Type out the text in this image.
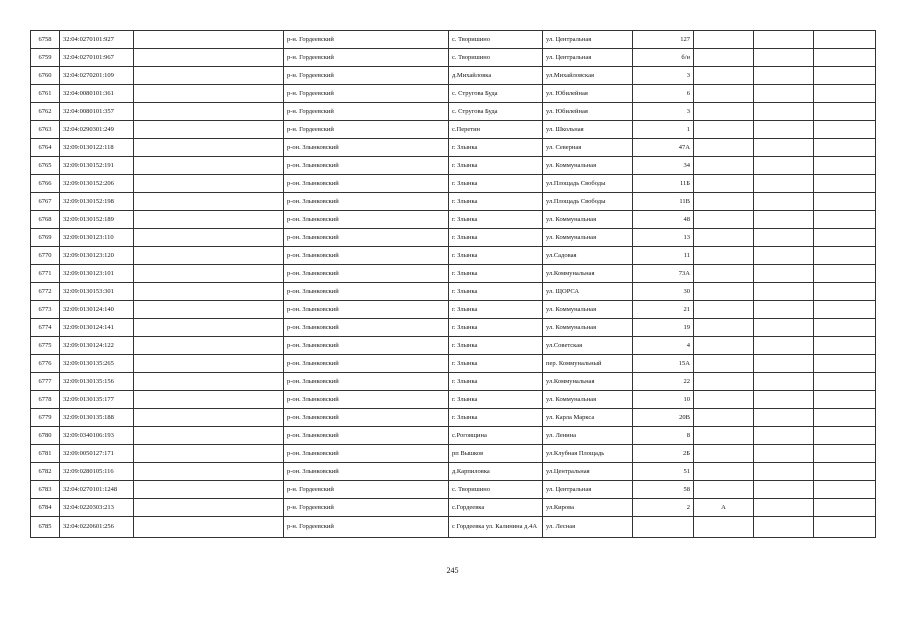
6758	32:04:0270101:927		р-н. Гордеевский	с. Творишино	ул. Центральная	127			
6759	32:04:0270101:967		р-н. Гордеевский	с. Творишино	ул. Центральная	б/н			
6760	32:04:0270201:109		р-н. Гордеевский	д.Михайловка	ул.Михайловская	3			
6761	32:04:0080101:361		р-н. Гордеевский	с. Стругова Буда	ул. Юбилейная	6			
6762	32:04:0080101:357		р-н. Гордеевский	с. Стругова Буда	ул. Юбилейная	3			
6763	32:04:0290301:249		р-н. Гордеевский	с.Перетин	ул. Школьная	1			
6764	32:09:0130122:118		р-он. Злынковский	г. Злынка	ул. Северная	47А			
6765	32:09:0130152:191		р-он. Злынковский	г. Злынка	ул. Коммунальная	34			
6766	32:09:0130152:206		р-он. Злынковский	г. Злынка	ул.Площадь Свободы	11Б			
6767	32:09:0130152:198		р-он. Злынковский	г. Злынка	ул.Площадь Свободы	11В			
6768	32:09:0130152:189		р-он. Злынковский	г. Злынка	ул. Коммунальная	48			
6769	32:09:0130123:110		р-он. Злынковский	г. Злынка	ул. Коммунальная	13			
6770	32:09:0130123:120		р-он. Злынковский	г. Злынка	ул.Садовая	11			
6771	32:09:0130123:101		р-он. Злынковский	г. Злынка	ул.Коммунальная	73А			
6772	32:09:0130153:301		р-он. Злынковский	г. Злынка	ул. ЩОРСА	30			
6773	32:09:0130124:140		р-он. Злынковский	г. Злынка	ул. Коммунальная	21			
6774	32:09:0130124:141		р-он. Злынковский	г. Злынка	ул. Коммунальная	19			
6775	32:09:0130124:122		р-он. Злынковский	г. Злынка	ул.Советская	4			
6776	32:09:0130135:265		р-он. Злынковский	г. Злынка	пер. Коммунальный	15А			
6777	32:09:0130135:156		р-он. Злынковский	г. Злынка	ул.Коммунальная	22			
6778	32:09:0130135:177		р-он. Злынковский	г. Злынка	ул. Коммунальная	10			
6779	32:09:0130135:188		р-он. Злынковский	г. Злынка	ул. Карла Маркса	20В			
6780	32:09:0340106:193		р-он. Злынковский	с.Роговщина	ул. Ленина	8			
6781	32:09:0050127:171		р-он. Злынковский	рп Вышков	ул.Клубная Площадь	2Б			
6782	32:09:0280105:116		р-он. Злынковский	д.Карпиловка	ул.Центральная	51			
6783	32:04:0270101:1248		р-н. Гордеевский	с. Творишино	ул. Центральная	58			
6784	32:04:0220303:213		р-н. Гордеевский	с.Гордеевка	ул.Кирова	2	А		
6785	32:04:0220601:256		р-н. Гордеевский	с Гордеевка ул. Калинина д.4А	ул. Лесная				
245
